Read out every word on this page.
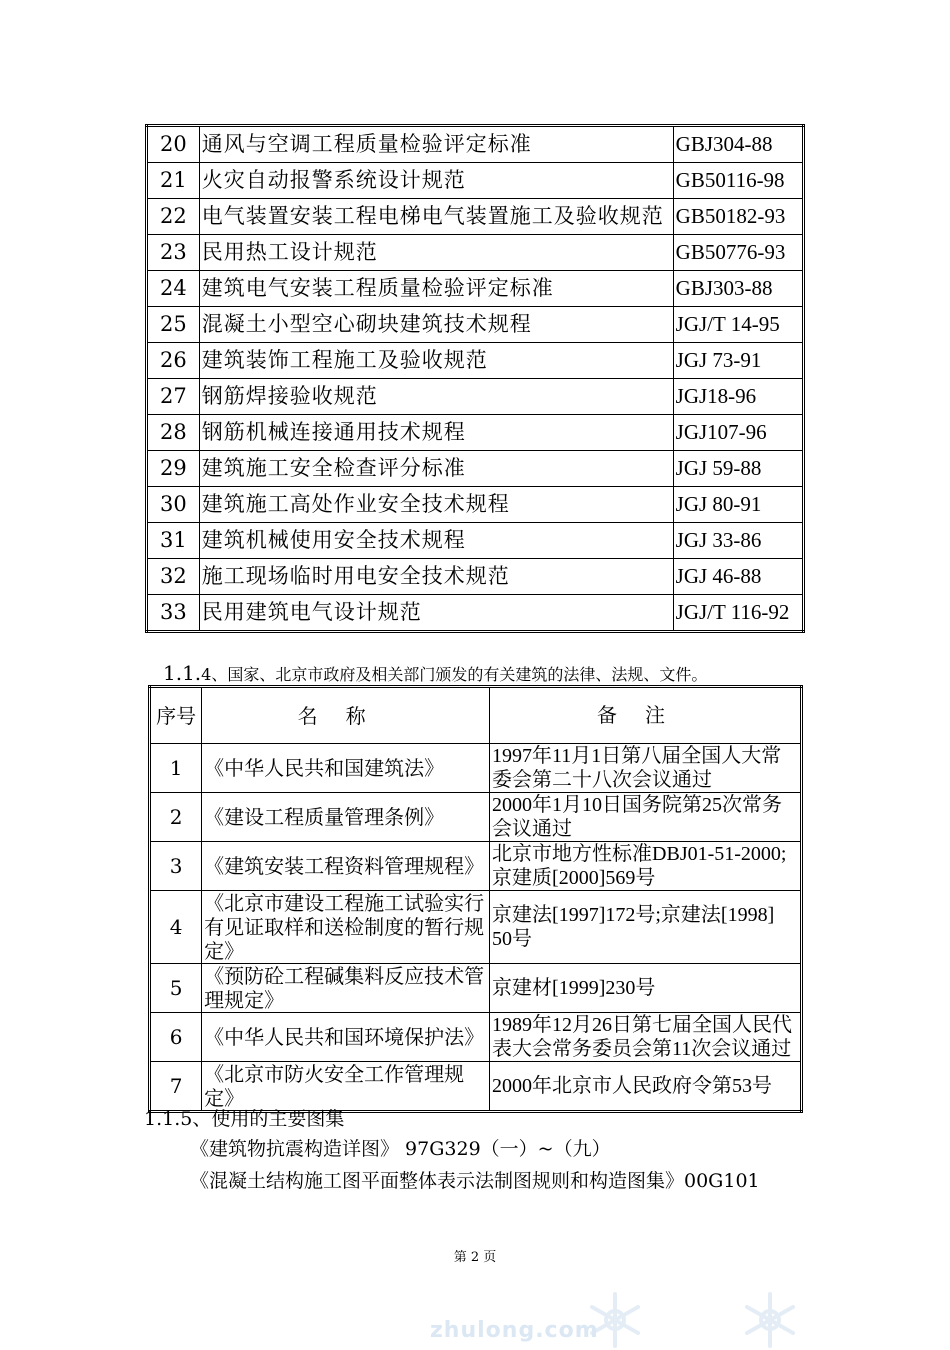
20	通风与空调工程质量检验评定标准	GBJ304-88
21	火灾自动报警系统设计规范	GB50116-98
22	电气装置安装工程电梯电气装置施工及验收规范	GB50182-93
23	民用热工设计规范	GB50776-93
24	建筑电气安装工程质量检验评定标准	GBJ303-88
25	混凝土小型空心砌块建筑技术规程	JGJ/T 14-95
26	建筑装饰工程施工及验收规范	JGJ 73-91
27	钢筋焊接验收规范	JGJ18-96
28	钢筋机械连接通用技术规程	JGJ107-96
29	建筑施工安全检查评分标准	JGJ 59-88
30	建筑施工高处作业安全技术规程	JGJ 80-91
31	建筑机械使用安全技术规程	JGJ 33-86
32	施工现场临时用电安全技术规范	JGJ 46-88
33	民用建筑电气设计规范	JGJ/T 116-92
1.1.4、国家、北京市政府及相关部门颁发的有关建筑的法律、法规、文件。
序号	名称	备注
1	《中华人民共和国建筑法》	1997年11月1日第八届全国人大常委会第二十八次会议通过
2	《建设工程质量管理条例》	2000年1月10日国务院第25次常务会议通过
3	《建筑安装工程资料管理规程》	北京市地方性标准DBJ01-51-2000;京建质[2000]569号
4	《北京市建设工程施工试验实行有见证取样和送检制度的暂行规定》	京建法[1997]172号;京建法[1998] 50号
5	《预防砼工程碱集料反应技术管理规定》	京建材[1999]230号
6	《中华人民共和国环境保护法》	1989年12月26日第七届全国人民代表大会常务委员会第11次会议通过
7	《北京市防火安全工作管理规定》	2000年北京市人民政府令第53号
1.1.5、使用的主要图集
《建筑物抗震构造详图》 97G329（一）~（九）
《混凝土结构施工图平面整体表示法制图规则和构造图集》00G101
第 2 页
zhulong.com
